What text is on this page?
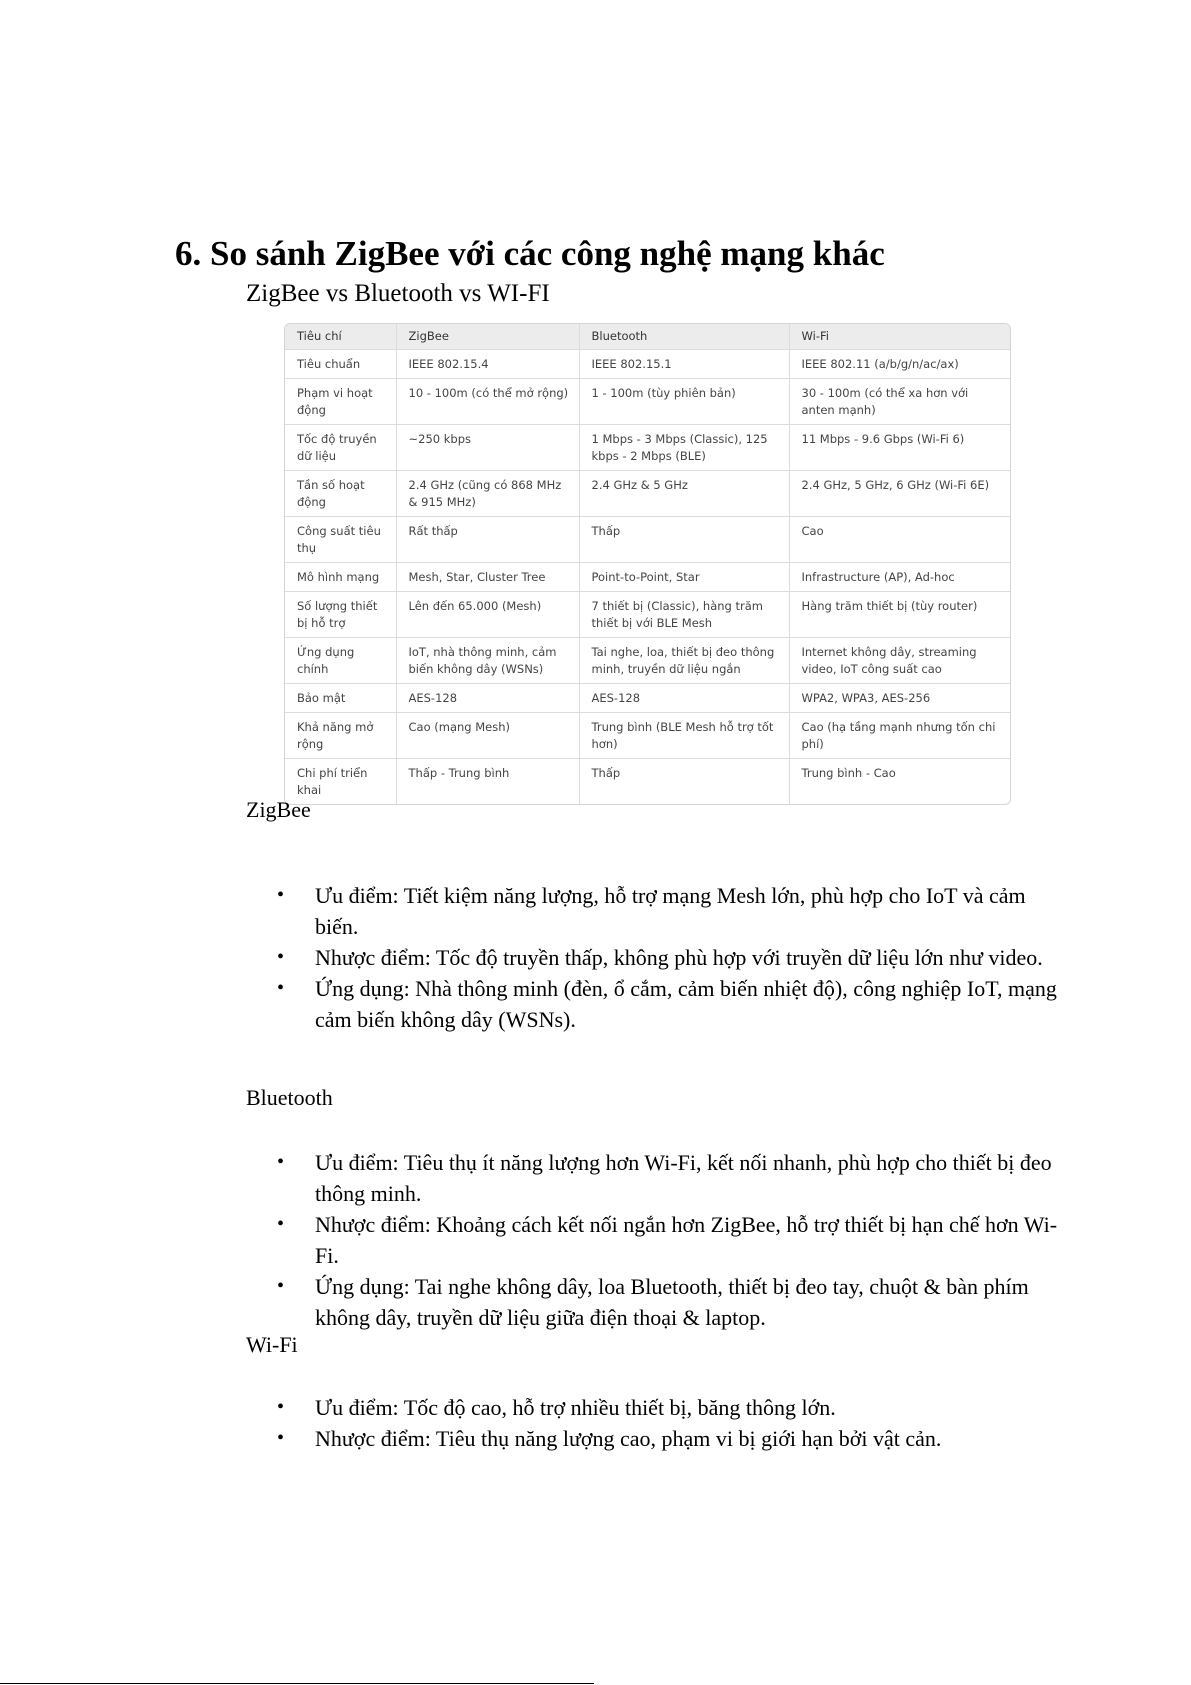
6. So sánh ZigBee với các công nghệ mạng khác
ZigBee vs Bluetooth vs WI-FI
Tiêu chí	ZigBee	Bluetooth	Wi-Fi
Tiêu chuẩn	IEEE 802.15.4	IEEE 802.15.1	IEEE 802.11 (a/b/g/n/ac/ax)
Phạm vi hoạt động	10 - 100m (có thể mở rộng)	1 - 100m (tùy phiên bản)	30 - 100m (có thể xa hơn với anten mạnh)
Tốc độ truyền dữ liệu	~250 kbps	1 Mbps - 3 Mbps (Classic), 125 kbps - 2 Mbps (BLE)	11 Mbps - 9.6 Gbps (Wi-Fi 6)
Tần số hoạt động	2.4 GHz (cũng có 868 MHz & 915 MHz)	2.4 GHz & 5 GHz	2.4 GHz, 5 GHz, 6 GHz (Wi-Fi 6E)
Công suất tiêu thụ	Rất thấp	Thấp	Cao
Mô hình mạng	Mesh, Star, Cluster Tree	Point-to-Point, Star	Infrastructure (AP), Ad-hoc
Số lượng thiết bị hỗ trợ	Lên đến 65.000 (Mesh)	7 thiết bị (Classic), hàng trăm thiết bị với BLE Mesh	Hàng trăm thiết bị (tùy router)
Ứng dụng chính	IoT, nhà thông minh, cảm biến không dây (WSNs)	Tai nghe, loa, thiết bị đeo thông minh, truyền dữ liệu ngắn	Internet không dây, streaming video, IoT công suất cao
Bảo mật	AES-128	AES-128	WPA2, WPA3, AES-256
Khả năng mở rộng	Cao (mạng Mesh)	Trung bình (BLE Mesh hỗ trợ tốt hơn)	Cao (hạ tầng mạnh nhưng tốn chi phí)
Chi phí triển khai	Thấp - Trung bình	Thấp	Trung bình - Cao
ZigBee
• Ưu điểm: Tiết kiệm năng lượng, hỗ trợ mạng Mesh lớn, phù hợp cho IoT và cảm biến.
• Nhược điểm: Tốc độ truyền thấp, không phù hợp với truyền dữ liệu lớn như video.
• Ứng dụng: Nhà thông minh (đèn, ổ cắm, cảm biến nhiệt độ), công nghiệp IoT, mạng cảm biến không dây (WSNs).
Bluetooth
• Ưu điểm: Tiêu thụ ít năng lượng hơn Wi-Fi, kết nối nhanh, phù hợp cho thiết bị đeo thông minh.
• Nhược điểm: Khoảng cách kết nối ngắn hơn ZigBee, hỗ trợ thiết bị hạn chế hơn Wi-Fi.
• Ứng dụng: Tai nghe không dây, loa Bluetooth, thiết bị đeo tay, chuột & bàn phím không dây, truyền dữ liệu giữa điện thoại & laptop.
Wi-Fi
• Ưu điểm: Tốc độ cao, hỗ trợ nhiều thiết bị, băng thông lớn.
• Nhược điểm: Tiêu thụ năng lượng cao, phạm vi bị giới hạn bởi vật cản.
